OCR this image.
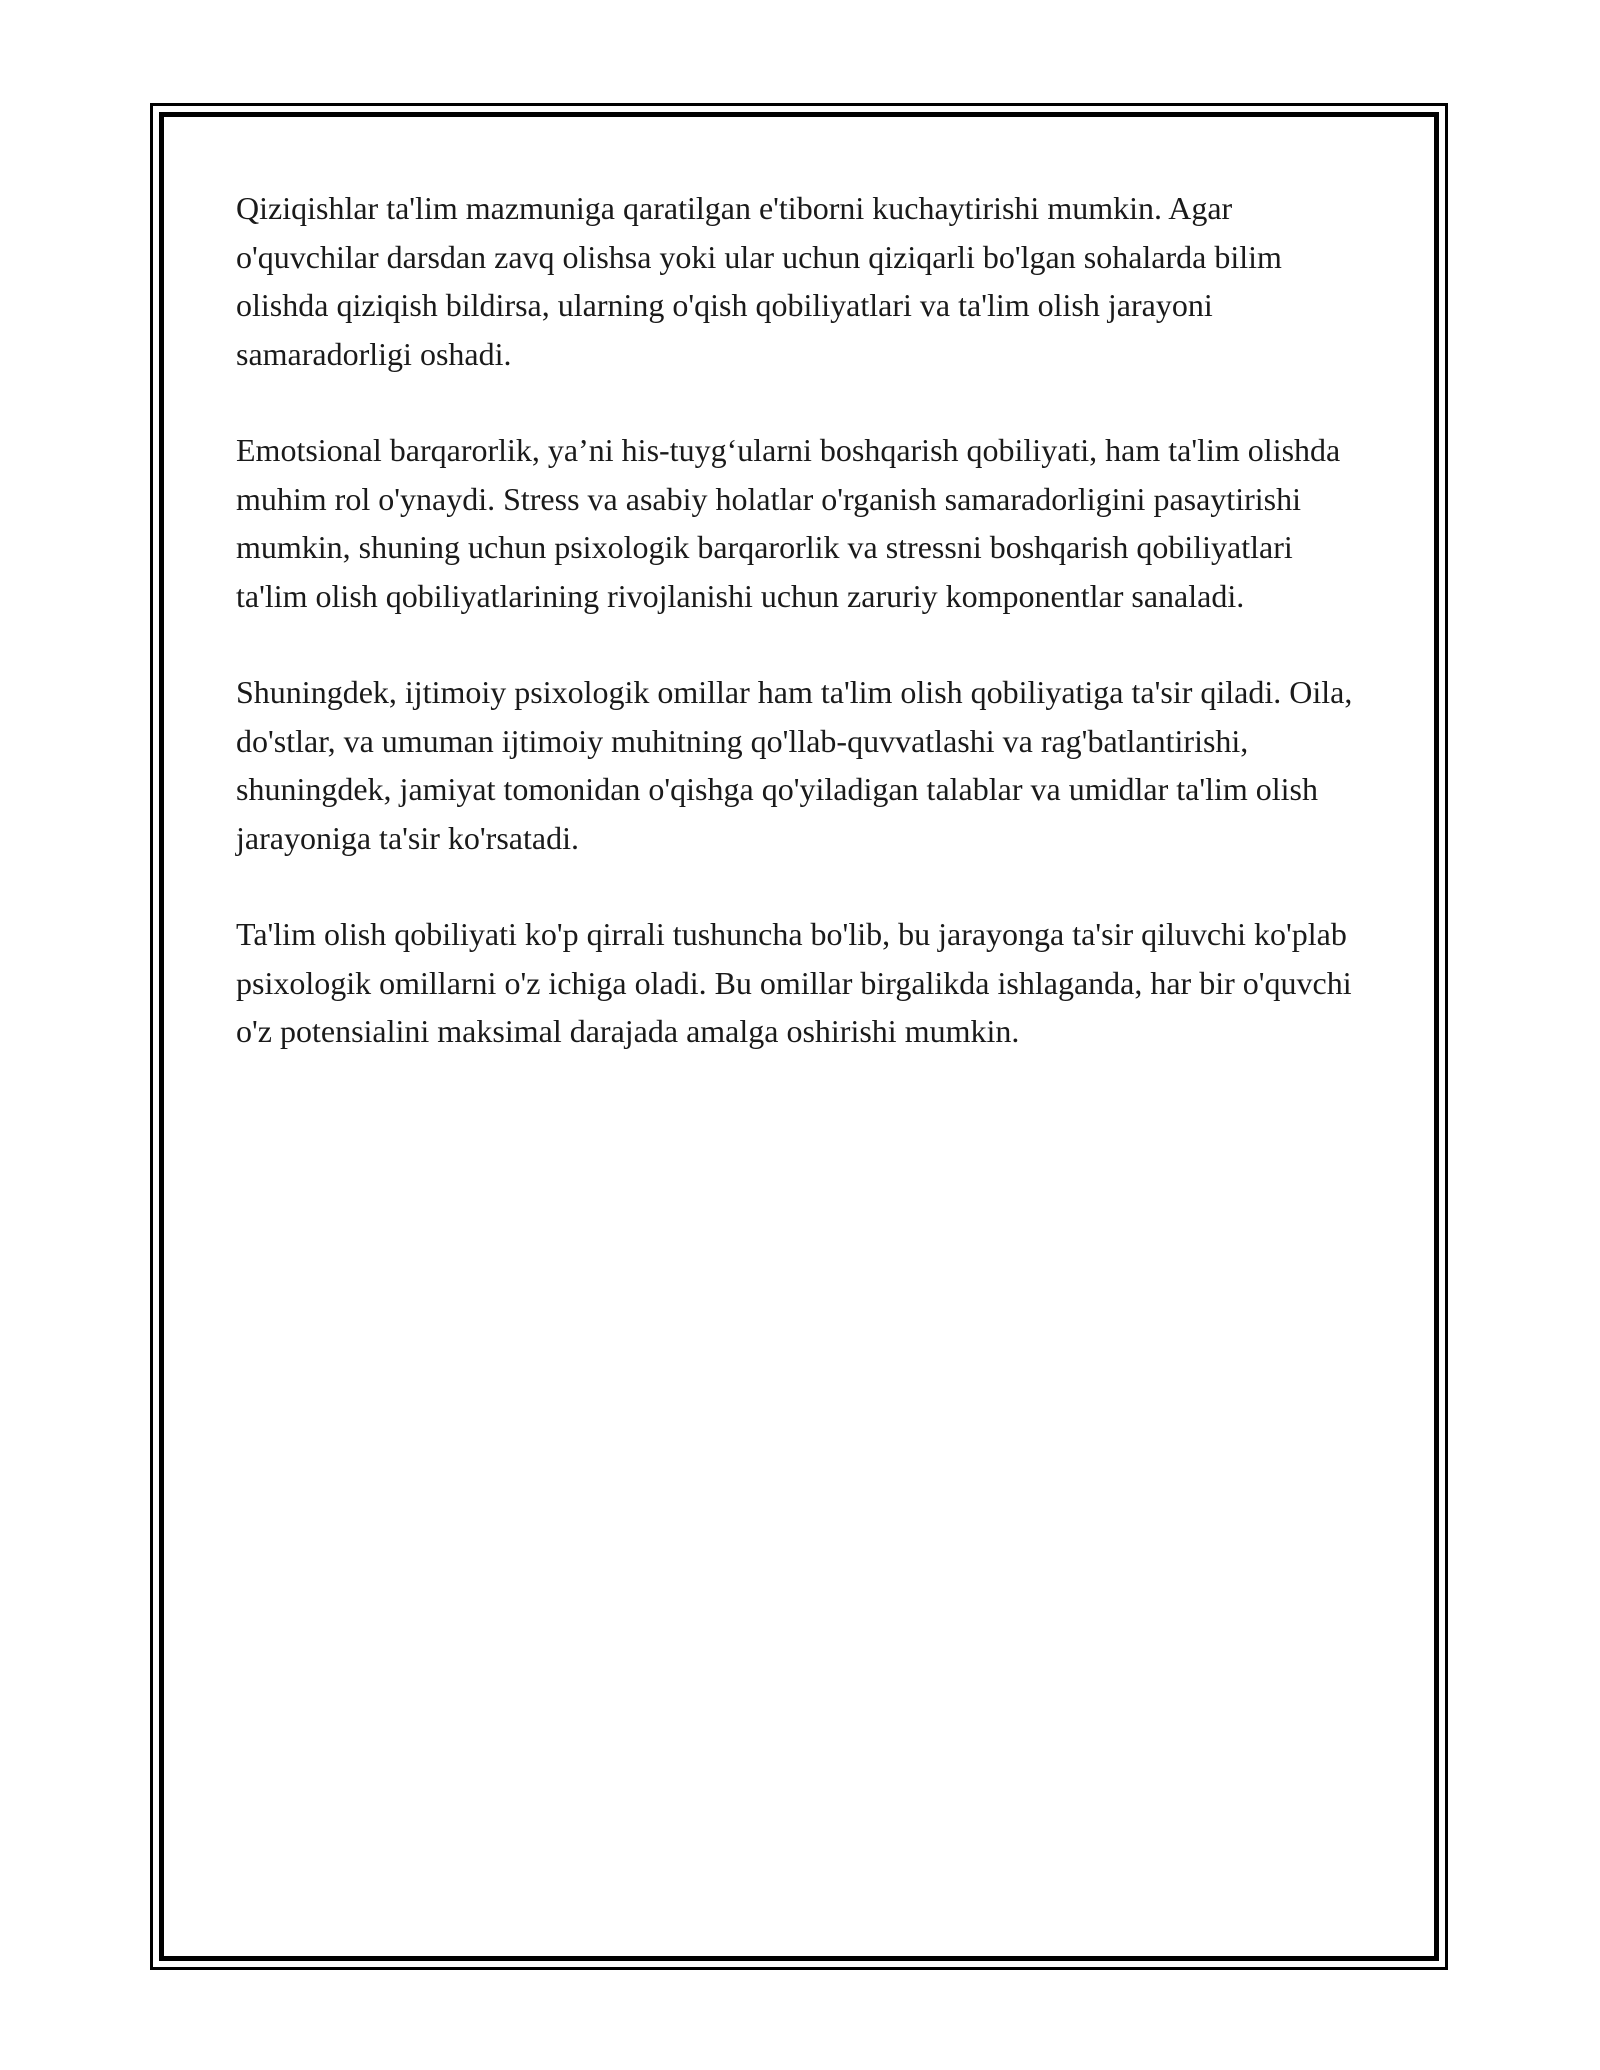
Qiziqishlar ta'lim mazmuniga qaratilgan e'tiborni kuchaytirishi mumkin. Agar o'quvchilar darsdan zavq olishsa yoki ular uchun qiziqarli bo'lgan sohalarda bilim olishda qiziqish bildirsa, ularning o'qish qobiliyatlari va ta'lim olish jarayoni samaradorligi oshadi.

Emotsional barqarorlik, ya’ni his-tuyg‘ularni boshqarish qobiliyati, ham ta'lim olishda muhim rol o'ynaydi. Stress va asabiy holatlar o'rganish samaradorligini pasaytirishi mumkin, shuning uchun psixologik barqarorlik va stressni boshqarish qobiliyatlari ta'lim olish qobiliyatlarining rivojlanishi uchun zaruriy komponentlar sanaladi.

Shuningdek, ijtimoiy psixologik omillar ham ta'lim olish qobiliyatiga ta'sir qiladi. Oila, do'stlar, va umuman ijtimoiy muhitning qo'llab-quvvatlashi va rag'batlantirishi, shuningdek, jamiyat tomonidan o'qishga qo'yiladigan talablar va umidlar ta'lim olish jarayoniga ta'sir ko'rsatadi.

Ta'lim olish qobiliyati ko'p qirrali tushuncha bo'lib, bu jarayonga ta'sir qiluvchi ko'plab psixologik omillarni o'z ichiga oladi. Bu omillar birgalikda ishlaganda, har bir o'quvchi o'z potensialini maksimal darajada amalga oshirishi mumkin.
